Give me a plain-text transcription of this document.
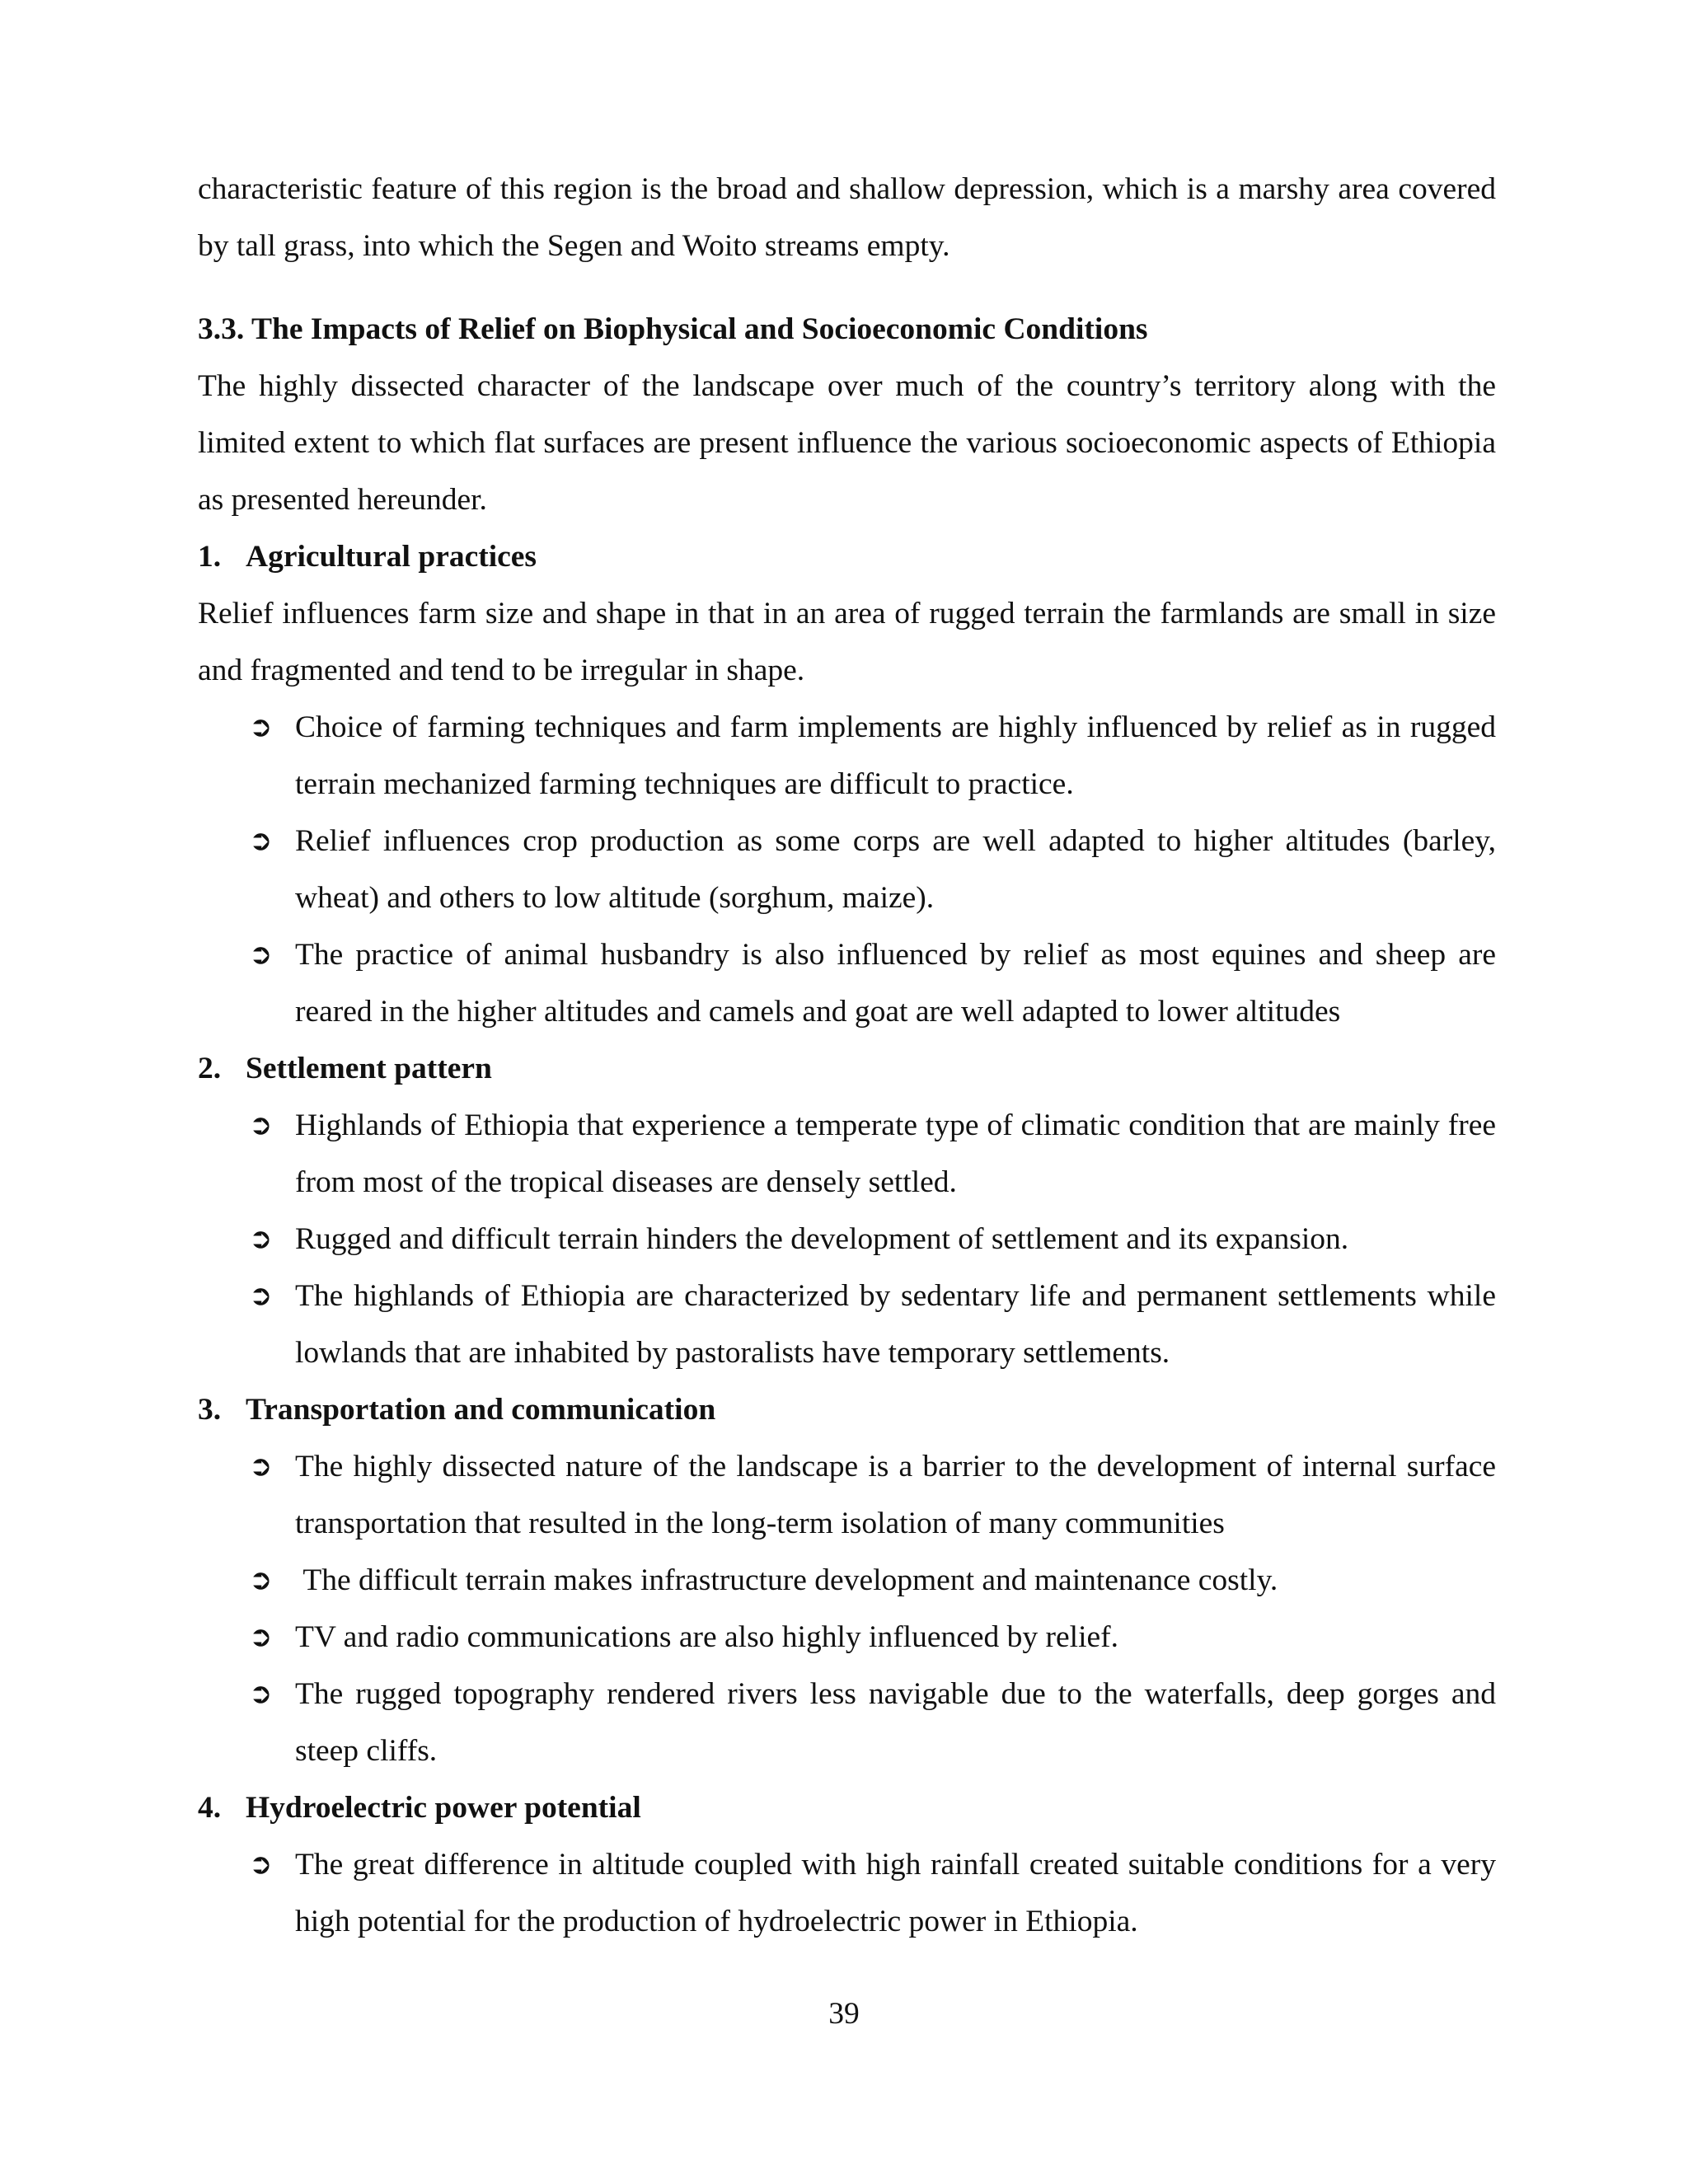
characteristic feature of this region is the broad and shallow depression, which is a marshy area covered by tall grass, into which the Segen and Woito streams empty.

3.3. The Impacts of Relief on Biophysical and Socioeconomic Conditions

The highly dissected character of the landscape over much of the country’s territory along with the limited extent to which flat surfaces are present influence the various socioeconomic aspects of Ethiopia as presented hereunder.

1. Agricultural practices

Relief influences farm size and shape in that in an area of rugged terrain the farmlands are small in size and fragmented and tend to be irregular in shape.

➲ Choice of farming techniques and farm implements are highly influenced by relief as in rugged terrain mechanized farming techniques are difficult to practice.
➲ Relief influences crop production as some corps are well adapted to higher altitudes (barley, wheat) and others to low altitude (sorghum, maize).
➲ The practice of animal husbandry is also influenced by relief as most equines and sheep are reared in the higher altitudes and camels and goat are well adapted to lower altitudes
2. Settlement pattern
➲ Highlands of Ethiopia that experience a temperate type of climatic condition that are mainly free from most of the tropical diseases are densely settled.
➲ Rugged and difficult terrain hinders the development of settlement and its expansion.
➲ The highlands of Ethiopia are characterized by sedentary life and permanent settlements while lowlands that are inhabited by pastoralists have temporary settlements.
3. Transportation and communication
➲ The highly dissected nature of the landscape is a barrier to the development of internal surface transportation that resulted in the long-term isolation of many communities
➲ The difficult terrain makes infrastructure development and maintenance costly.
➲ TV and radio communications are also highly influenced by relief.
➲ The rugged topography rendered rivers less navigable due to the waterfalls, deep gorges and steep cliffs.
4. Hydroelectric power potential
➲ The great difference in altitude coupled with high rainfall created suitable conditions for a very high potential for the production of hydroelectric power in Ethiopia.
39
